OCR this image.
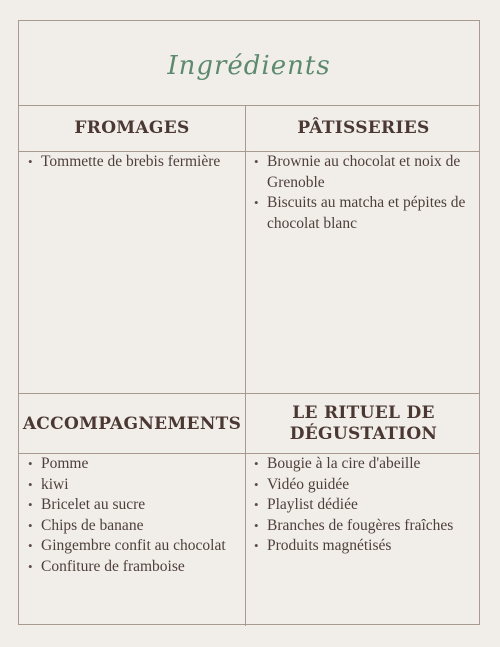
Ingrédients
FROMAGES
• Tommette de brebis fermière
PÂTISSERIES
• Brownie au chocolat et noix de Grenoble
• Biscuits au matcha et pépites de chocolat blanc
ACCOMPAGNEMENTS
• Pomme
• kiwi
• Bricelet au sucre
• Chips de banane
• Gingembre confit au chocolat
• Confiture de framboise
LE RITUEL DE DÉGUSTATION
• Bougie à la cire d'abeille
• Vidéo guidée
• Playlist dédiée
• Branches de fougères fraîches
• Produits magnétisés
